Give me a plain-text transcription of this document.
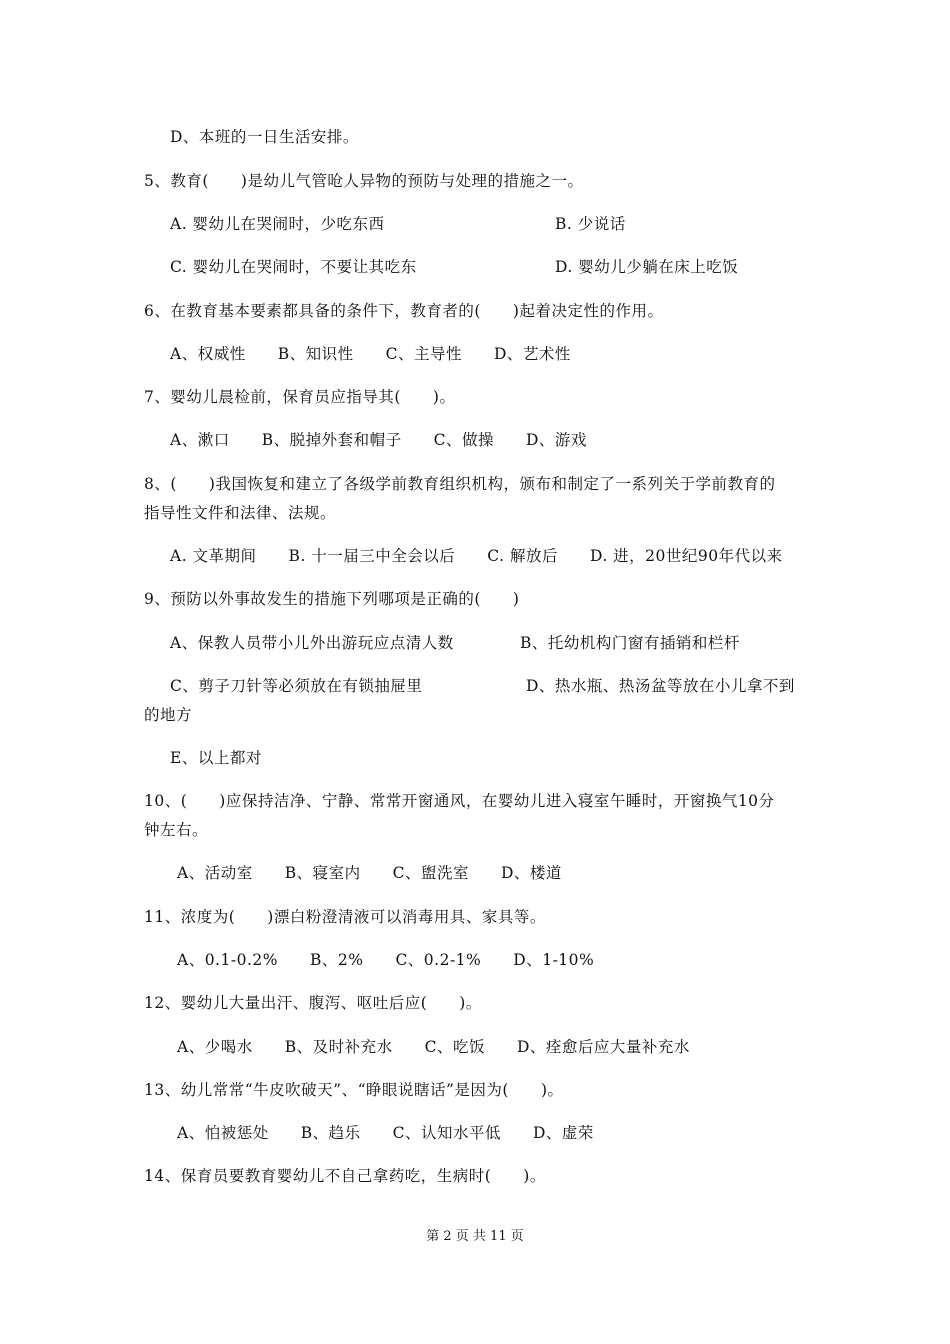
D、本班的一日生活安排。
5、教育(　　)是幼儿气管呛人异物的预防与处理的措施之一。
A. 婴幼儿在哭闹时，少吃东西	B. 少说话
C. 婴幼儿在哭闹时，不要让其吃东	D. 婴幼儿少躺在床上吃饭
6、在教育基本要素都具备的条件下，教育者的(　　)起着决定性的作用。
A、权威性　　B、知识性　　C、主导性　　D、艺术性
7、婴幼儿晨检前，保育员应指导其(　　)。
A、漱口　　B、脱掉外套和帽子　　C、做操　　D、游戏
8、(　　)我国恢复和建立了各级学前教育组织机构，颁布和制定了一系列关于学前教育的
指导性文件和法律、法规。
A. 文革期间　　B. 十一届三中全会以后　　C. 解放后　　D. 进，20世纪90年代以来
9、预防以外事故发生的措施下列哪项是正确的(　　)
A、保教人员带小儿外出游玩应点清人数	B、托幼机构门窗有插销和栏杆
C、剪子刀针等必须放在有锁抽屉里	D、热水瓶、热汤盆等放在小儿拿不到
的地方
E、以上都对
10、(　　)应保持洁净、宁静、常常开窗通风，在婴幼儿进入寝室午睡时，开窗换气10分
钟左右。
A、活动室　　B、寝室内　　C、盥洗室　　D、楼道
11、浓度为(　　)漂白粉澄清液可以消毒用具、家具等。
A、0.1-0.2%　　B、2%　　C、0.2-1%　　D、1-10%
12、婴幼儿大量出汗、腹泻、呕吐后应(　　)。
A、少喝水　　B、及时补充水　　C、吃饭　　D、痊愈后应大量补充水
13、幼儿常常“牛皮吹破天”、“睁眼说瞎话”是因为(　　)。
A、怕被惩处　　B、趋乐　　C、认知水平低　　D、虚荣
14、保育员要教育婴幼儿不自己拿药吃，生病时(　　)。
第 2 页 共 11 页
